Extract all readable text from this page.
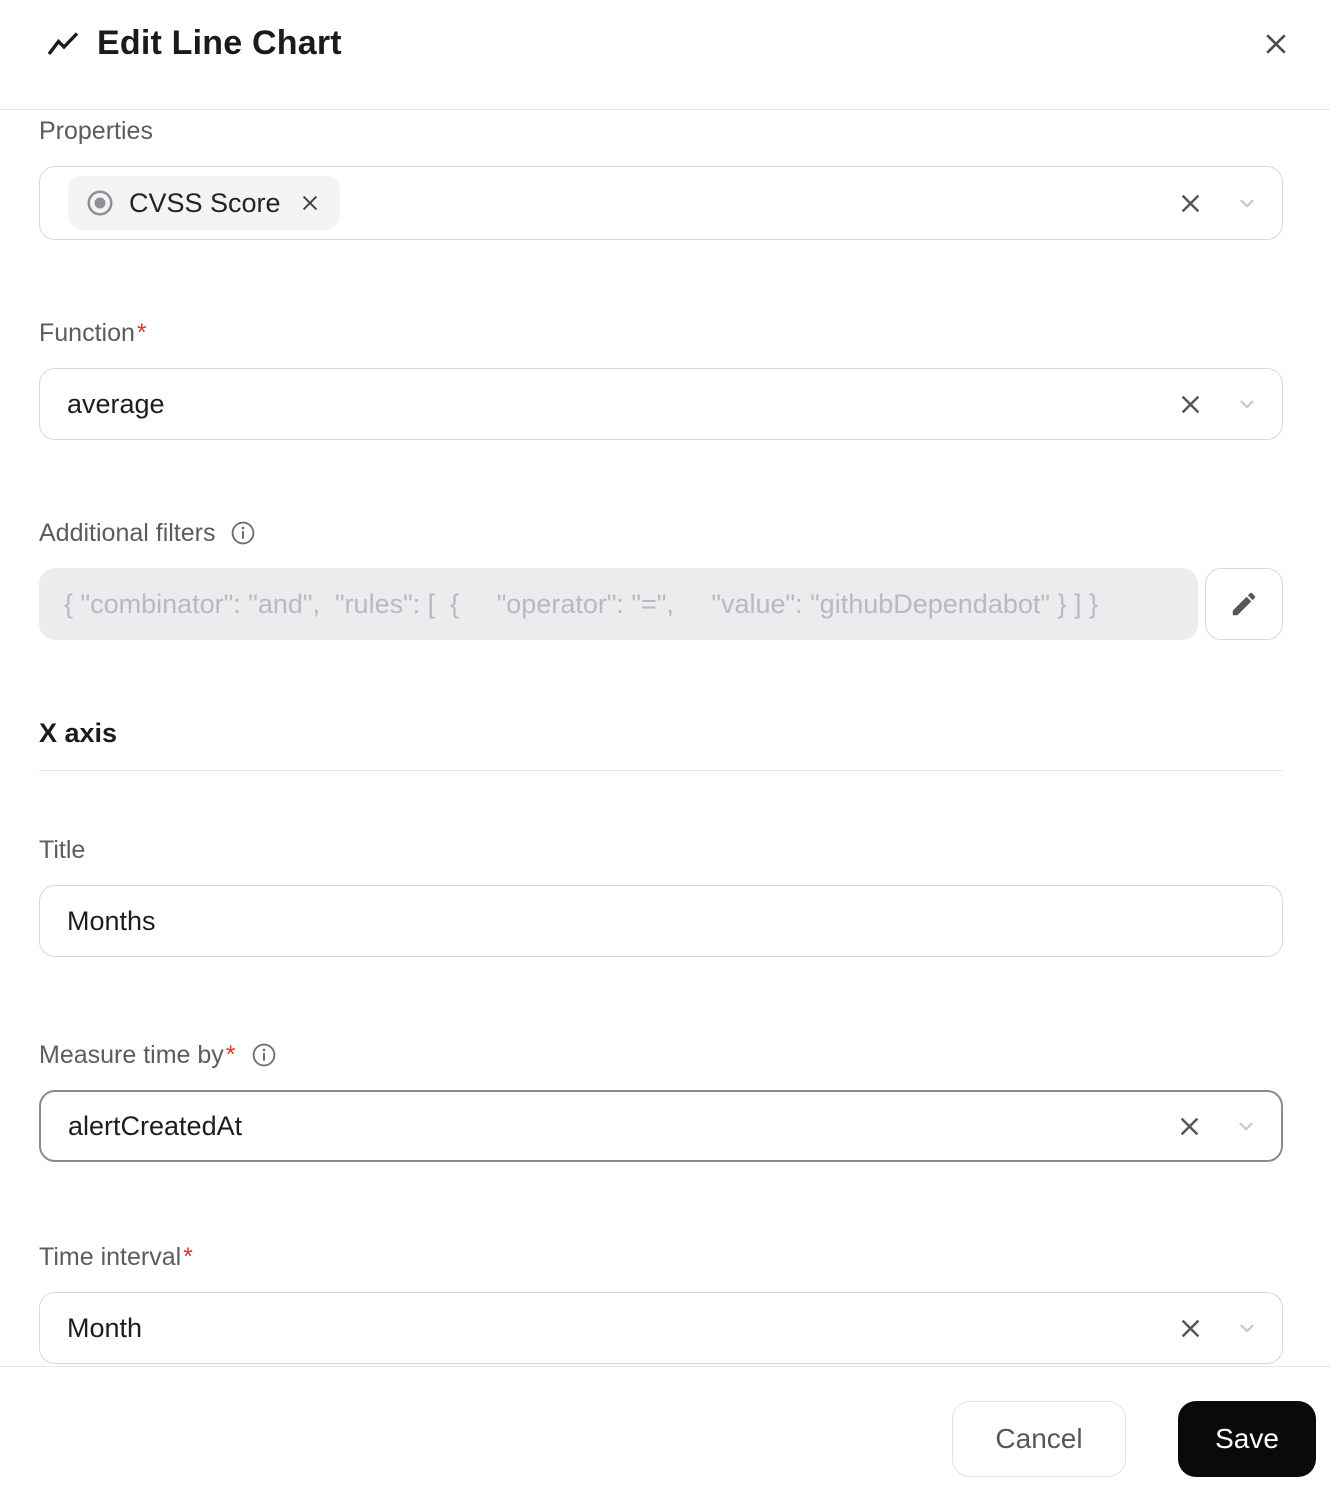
Edit Line Chart
Properties
CVSS Score
Function *
average
Additional filters
{ "combinator": "and",  "rules": [  {     "operator": "=",     "value": "githubDependabot" } ] }
X axis
Title
Months
Measure time by *
alertCreatedAt
Time interval *
Month
Cancel	Save
